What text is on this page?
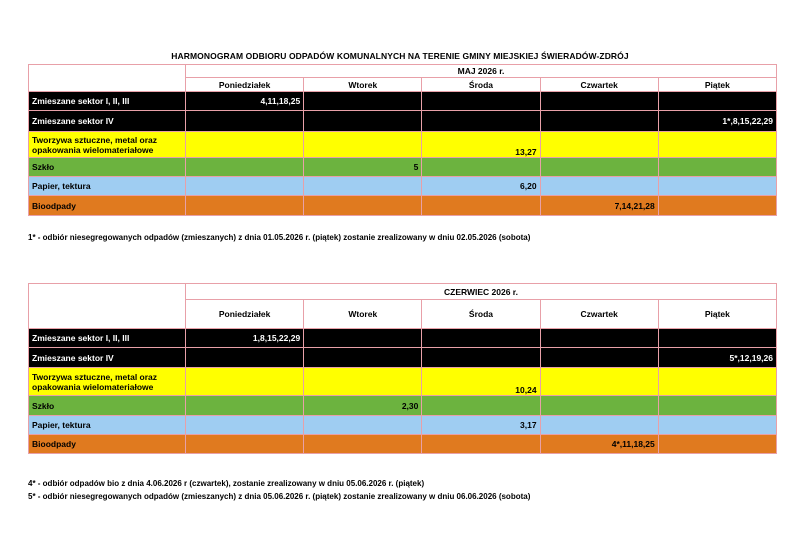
HARMONOGRAM ODBIORU ODPADÓW KOMUNALNYCH NA TERENIE GMINY MIEJSKIEJ ŚWIERADÓW-ZDRÓJ
	MAJ 2026 r.				
	Poniedziałek	Wtorek	Środa	Czwartek	Piątek
Zmieszane sektor I, II, III	4,11,18,25				
Zmieszane sektor IV					1*,8,15,22,29
Tworzywa sztuczne, metal oraz
opakowania wielomateriałowe			13,27		
Szkło		5			
Papier, tektura			6,20		
Bioodpady				7,14,21,28	
1* - odbiór niesegregowanych odpadów (zmieszanych) z dnia 01.05.2026 r. (piątek) zostanie zrealizowany w dniu 02.05.2026 (sobota)
	CZERWIEC 2026 r.				
	Poniedziałek	Wtorek	Środa	Czwartek	Piątek
Zmieszane sektor I, II, III	1,8,15,22,29				
Zmieszane sektor IV					5*,12,19,26
Tworzywa sztuczne, metal oraz
opakowania wielomateriałowe			10,24		
Szkło		2,30			
Papier, tektura			3,17		
Bioodpady				4*,11,18,25	
4* - odbiór odpadów bio z dnia 4.06.2026 r (czwartek), zostanie zrealizowany w dniu 05.06.2026 r. (piątek)
5* - odbiór niesegregowanych odpadów (zmieszanych) z dnia 05.06.2026 r. (piątek) zostanie zrealizowany w dniu 06.06.2026 (sobota)
